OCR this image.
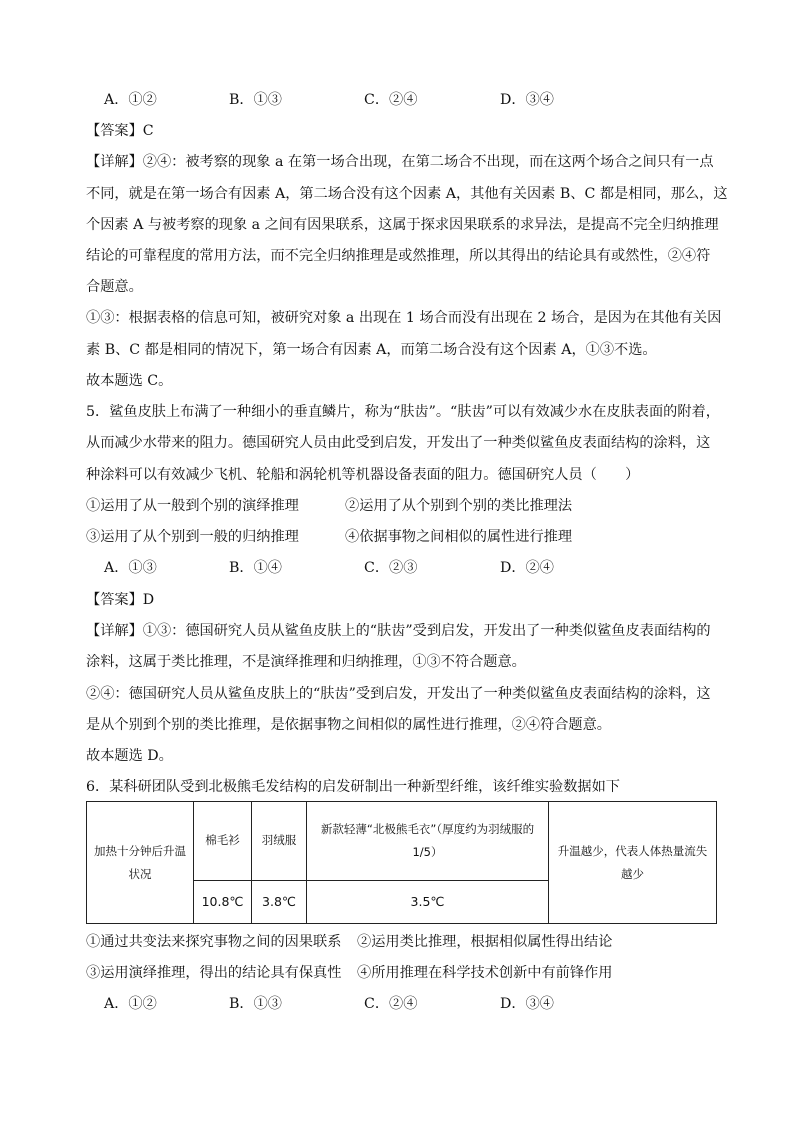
A．①②	B．①③	C．②④	D．③④
【答案】C
【详解】②④：被考察的现象 a 在第一场合出现，在第二场合不出现，而在这两个场合之间只有一点
不同，就是在第一场合有因素 A，第二场合没有这个因素 A，其他有关因素 B、C 都是相同，那么，这
个因素 A 与被考察的现象 a 之间有因果联系，这属于探求因果联系的求异法，是提高不完全归纳推理
结论的可靠程度的常用方法，而不完全归纳推理是或然推理，所以其得出的结论具有或然性，②④符
合题意。
①③：根据表格的信息可知，被研究对象 a 出现在 1 场合而没有出现在 2 场合，是因为在其他有关因
素 B、C 都是相同的情况下，第一场合有因素 A，而第二场合没有这个因素 A，①③不选。
故本题选 C。
5．鲨鱼皮肤上布满了一种细小的垂直鳞片，称为“肤齿”。“肤齿”可以有效减少水在皮肤表面的附着，
从而减少水带来的阻力。德国研究人员由此受到启发，开发出了一种类似鲨鱼皮表面结构的涂料，这
种涂料可以有效减少飞机、轮船和涡轮机等机器设备表面的阻力。德国研究人员（　　）
①运用了从一般到个别的演绎推理	②运用了从个别到个别的类比推理法
③运用了从个别到一般的归纳推理	④依据事物之间相似的属性进行推理
A．①③	B．①④	C．②③	D．②④
【答案】D
【详解】①③：德国研究人员从鲨鱼皮肤上的“肤齿”受到启发，开发出了一种类似鲨鱼皮表面结构的
涂料，这属于类比推理，不是演绎推理和归纳推理，①③不符合题意。
②④：德国研究人员从鲨鱼皮肤上的“肤齿”受到启发，开发出了一种类似鲨鱼皮表面结构的涂料，这
是从个别到个别的类比推理，是依据事物之间相似的属性进行推理，②④符合题意。
故本题选 D。
6．某科研团队受到北极熊毛发结构的启发研制出一种新型纤维，该纤维实验数据如下
加热十分钟后升温状况	棉毛衫	羽绒服	新款轻薄“北极熊毛衣”（厚度约为羽绒服的 1/5）	升温越少，代表人体热量流失越少
	10.8℃	3.8℃	3.5℃	
①通过共变法来探究事物之间的因果联系 ②运用类比推理，根据相似属性得出结论
③运用演绎推理，得出的结论具有保真性 ④所用推理在科学技术创新中有前锋作用
A．①②	B．①③	C．②④	D．③④
